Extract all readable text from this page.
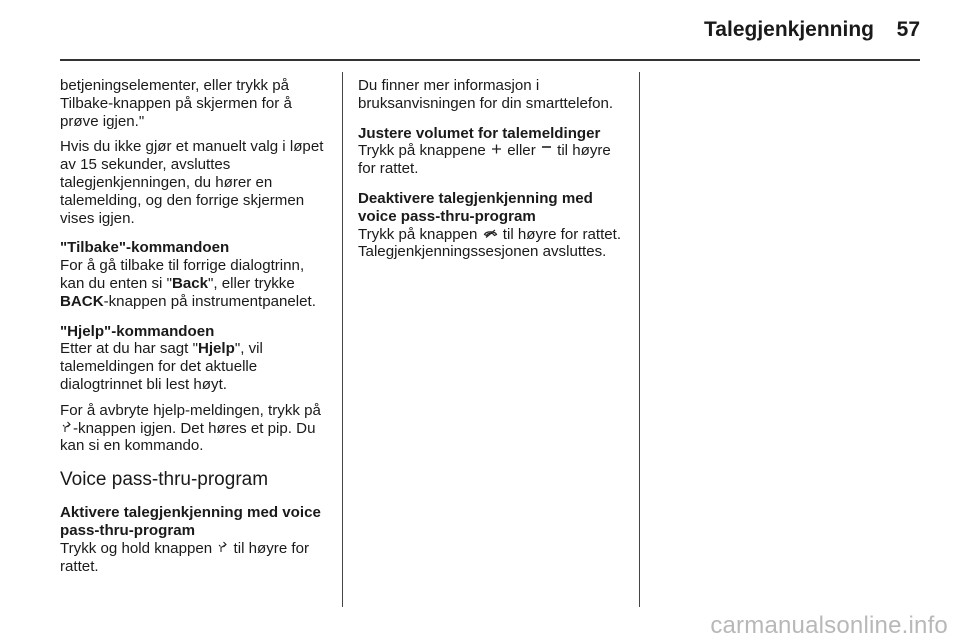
Talegjenkjenning 57

betjeningselementer, eller trykk på Tilbake-knappen på skjermen for å prøve igjen."

Hvis du ikke gjør et manuelt valg i løpet av 15 sekunder, avsluttes talegjenkjenningen, du hører en talemelding, og den forrige skjermen vises igjen.

"Tilbake"-kommandoen

For å gå tilbake til forrige dialogtrinn, kan du enten si "Back", eller trykke BACK-knappen på instrumentpanelet.

"Hjelp"-kommandoen

Etter at du har sagt "Hjelp", vil talemeldingen for det aktuelle dialogtrinnet bli lest høyt.

For å avbryte hjelp-meldingen, trykk på
-knappen igjen. Det høres et pip. Du kan si en kommando.

Voice pass-thru-program
Aktivere talegjenkjenning med voice pass-thru-program

Trykk og hold knappen
til høyre for rattet.

Du finner mer informasjon i bruksanvisningen for din smarttelefon.

Justere volumet for talemeldinger

Trykk på knappene
eller
til høyre for rattet.

Deaktivere talegjenkjenning med voice pass-thru-program

Trykk på knappen
til høyre for rattet. Talegjenkjenningssesjonen avsluttes.

carmanualsonline.info
